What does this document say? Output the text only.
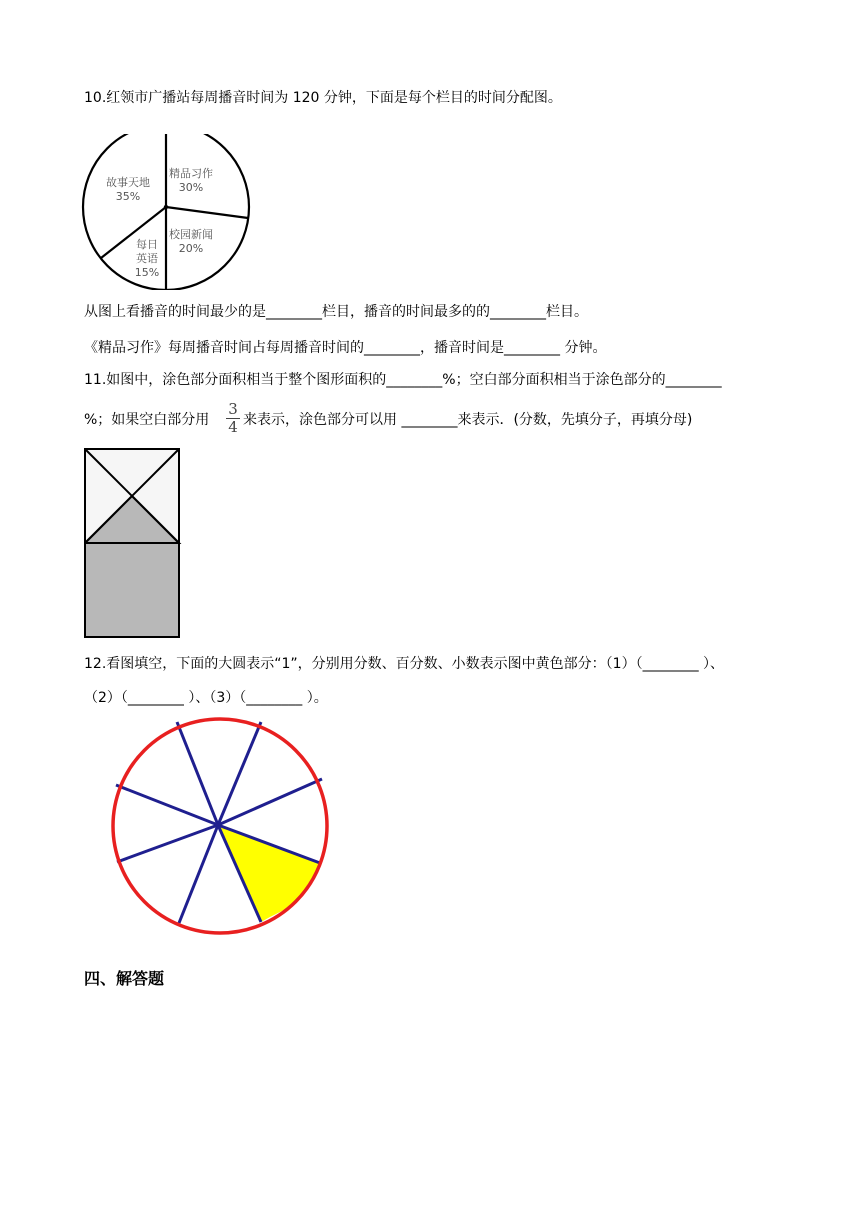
10.红领市广播站每周播音时间为 120 分钟，下面是每个栏目的时间分配图。
精品习作
30%
校园新闻
20%
每日
英语
15%
故事天地
35%
从图上看播音的时间最少的是________栏目，播音的时间最多的的________栏目。
《精品习作》每周播音时间占每周播音时间的________，播音时间是________ 分钟。
11.如图中，涂色部分面积相当于整个图形面积的________%；空白部分面积相当于涂色部分的________
%；如果空白部分用
3
4 来表示，涂色部分可以用 ________来表示．(分数，先填分子，再填分母)
12.看图填空，下面的大圆表示“1”，分别用分数、百分数、小数表示图中黄色部分：（1）（________ ）、
（2）（________ ）、（3）（________ ）。
四、解答题
